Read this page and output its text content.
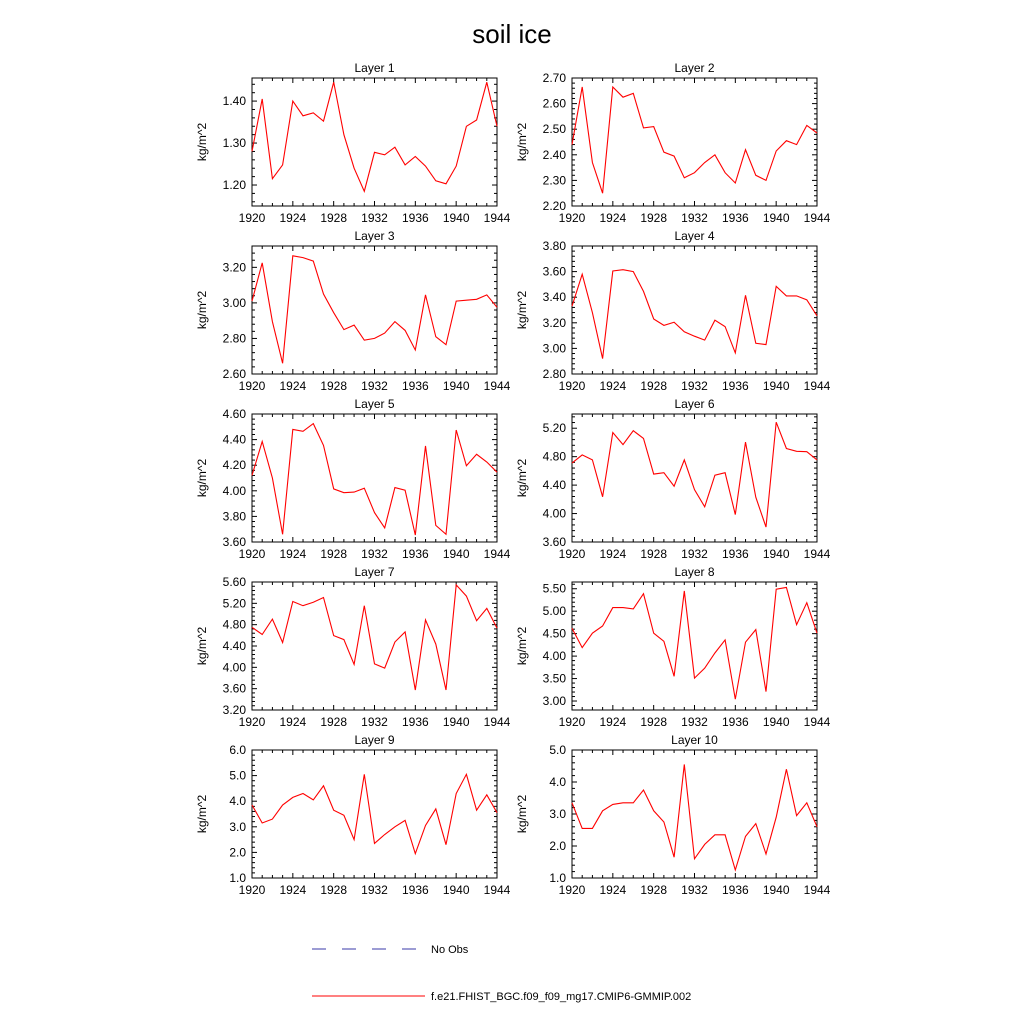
soil ice
Layer 1
kg/m^2
1920 1924 1928 1932 1936 1940 1944
1.20
1.30
1.40
Layer 2
kg/m^2
1920 1924 1928 1932 1936 1940 1944
2.20
2.30
2.40
2.50
2.60
2.70
Layer 3
kg/m^2
1920 1924 1928 1932 1936 1940 1944
2.60
2.80
3.00
3.20
Layer 4
kg/m^2
1920 1924 1928 1932 1936 1940 1944
2.80
3.00
3.20
3.40
3.60
3.80
Layer 5
kg/m^2
1920 1924 1928 1932 1936 1940 1944
3.60
3.80
4.00
4.20
4.40
4.60
Layer 6
kg/m^2
1920 1924 1928 1932 1936 1940 1944
3.60
4.00
4.40
4.80
5.20
Layer 7
kg/m^2
1920 1924 1928 1932 1936 1940 1944
3.20
3.60
4.00
4.40
4.80
5.20
5.60
Layer 8
kg/m^2
1920 1924 1928 1932 1936 1940 1944
3.00
3.50
4.00
4.50
5.00
5.50
Layer 9
kg/m^2
1920 1924 1928 1932 1936 1940 1944
1.0
2.0
3.0
4.0
5.0
6.0
Layer 10
kg/m^2
1920 1924 1928 1932 1936 1940 1944
1.0
2.0
3.0
4.0
5.0
No Obs
f.e21.FHIST_BGC.f09_f09_mg17.CMIP6-GMMIP.002
